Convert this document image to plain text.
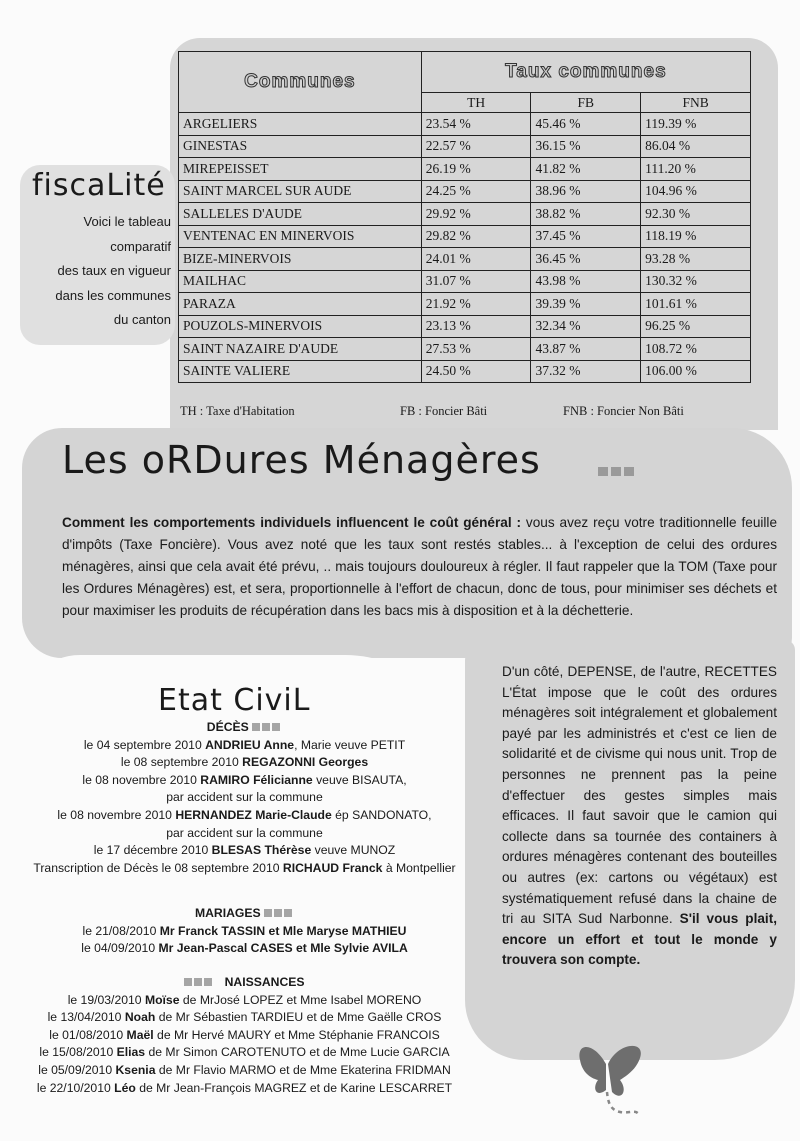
fiscaLité
Voici le tableau
comparatif
des taux en vigueur
dans les communes
du canton
Communes	Taux communes		
	TH	FB	FNB
ARGELIERS	23.54 %	45.46 %	119.39 %
GINESTAS	22.57 %	36.15 %	86.04 %
MIREPEISSET	26.19 %	41.82 %	111.20 %
SAINT MARCEL SUR AUDE	24.25 %	38.96 %	104.96 %
SALLELES D'AUDE	29.92 %	38.82 %	92.30 %
VENTENAC EN MINERVOIS	29.82 %	37.45 %	118.19 %
BIZE-MINERVOIS	24.01 %	36.45 %	93.28 %
MAILHAC	31.07 %	43.98 %	130.32 %
PARAZA	21.92 %	39.39 %	101.61 %
POUZOLS-MINERVOIS	23.13 %	32.34 %	96.25 %
SAINT NAZAIRE D'AUDE	27.53 %	43.87 %	108.72 %
SAINTE VALIERE	24.50 %	37.32 %	106.00 %
TH : Taxe d'Habitation	FB : Foncier Bâti	FNB : Foncier Non Bâti
Les oRDures Ménagères
Comment les comportements individuels influencent le coût général : vous avez reçu votre traditionnelle feuille d'impôts (Taxe Foncière). Vous avez noté que les taux sont restés stables... à l'exception de celui des ordures ménagères, ainsi que cela avait été prévu, .. mais toujours douloureux à régler. Il faut rappeler que la TOM (Taxe pour les Ordures Ménagères) est, et sera, proportionnelle à l'effort de chacun, donc de tous, pour minimiser ses déchets et pour maximiser les produits de récupération dans les bacs mis à disposition et à la déchetterie.
D'un côté, DEPENSE, de l'autre, RECETTES L'État impose que le coût des ordures ménagères soit intégralement et globalement payé par les administrés et c'est ce lien de solidarité et de civisme qui nous unit. Trop de personnes ne prennent pas la peine d'effectuer des gestes simples mais efficaces. Il faut savoir que le camion qui collecte dans sa tournée des containers à ordures ménagères contenant des bouteilles ou autres (ex: cartons ou végétaux) est systématiquement refusé dans la chaine de tri au SITA Sud Narbonne. S'il vous plait, encore un effort et tout le monde y trouvera son compte.
Etat CiviL
DÉCÈS
le 04 septembre 2010 ANDRIEU Anne, Marie veuve PETIT
le 08 septembre 2010 REGAZONNI Georges
le 08 novembre 2010 RAMIRO Félicianne veuve BISAUTA,
par accident sur la commune
le 08 novembre 2010 HERNANDEZ Marie-Claude ép SANDONATO,
par accident sur la commune
le 17 décembre 2010 BLESAS Thérèse veuve MUNOZ
Transcription de Décès le 08 septembre 2010 RICHAUD Franck à Montpellier
MARIAGES
le 21/08/2010 Mr Franck TASSIN et Mle Maryse MATHIEU
le 04/09/2010 Mr Jean-Pascal CASES et Mle Sylvie AVILA
NAISSANCES
le 19/03/2010 Moïse de MrJosé LOPEZ et Mme Isabel MORENO
le 13/04/2010 Noah de Mr Sébastien TARDIEU et de Mme Gaëlle CROS
le 01/08/2010 Maël de Mr Hervé MAURY et Mme Stéphanie FRANCOIS
le 15/08/2010 Elias de Mr Simon CAROTENUTO et de Mme Lucie GARCIA
le 05/09/2010 Ksenia de Mr Flavio MARMO et de Mme Ekaterina FRIDMAN
le 22/10/2010 Léo de Mr Jean-François MAGREZ et de Karine LESCARRET
